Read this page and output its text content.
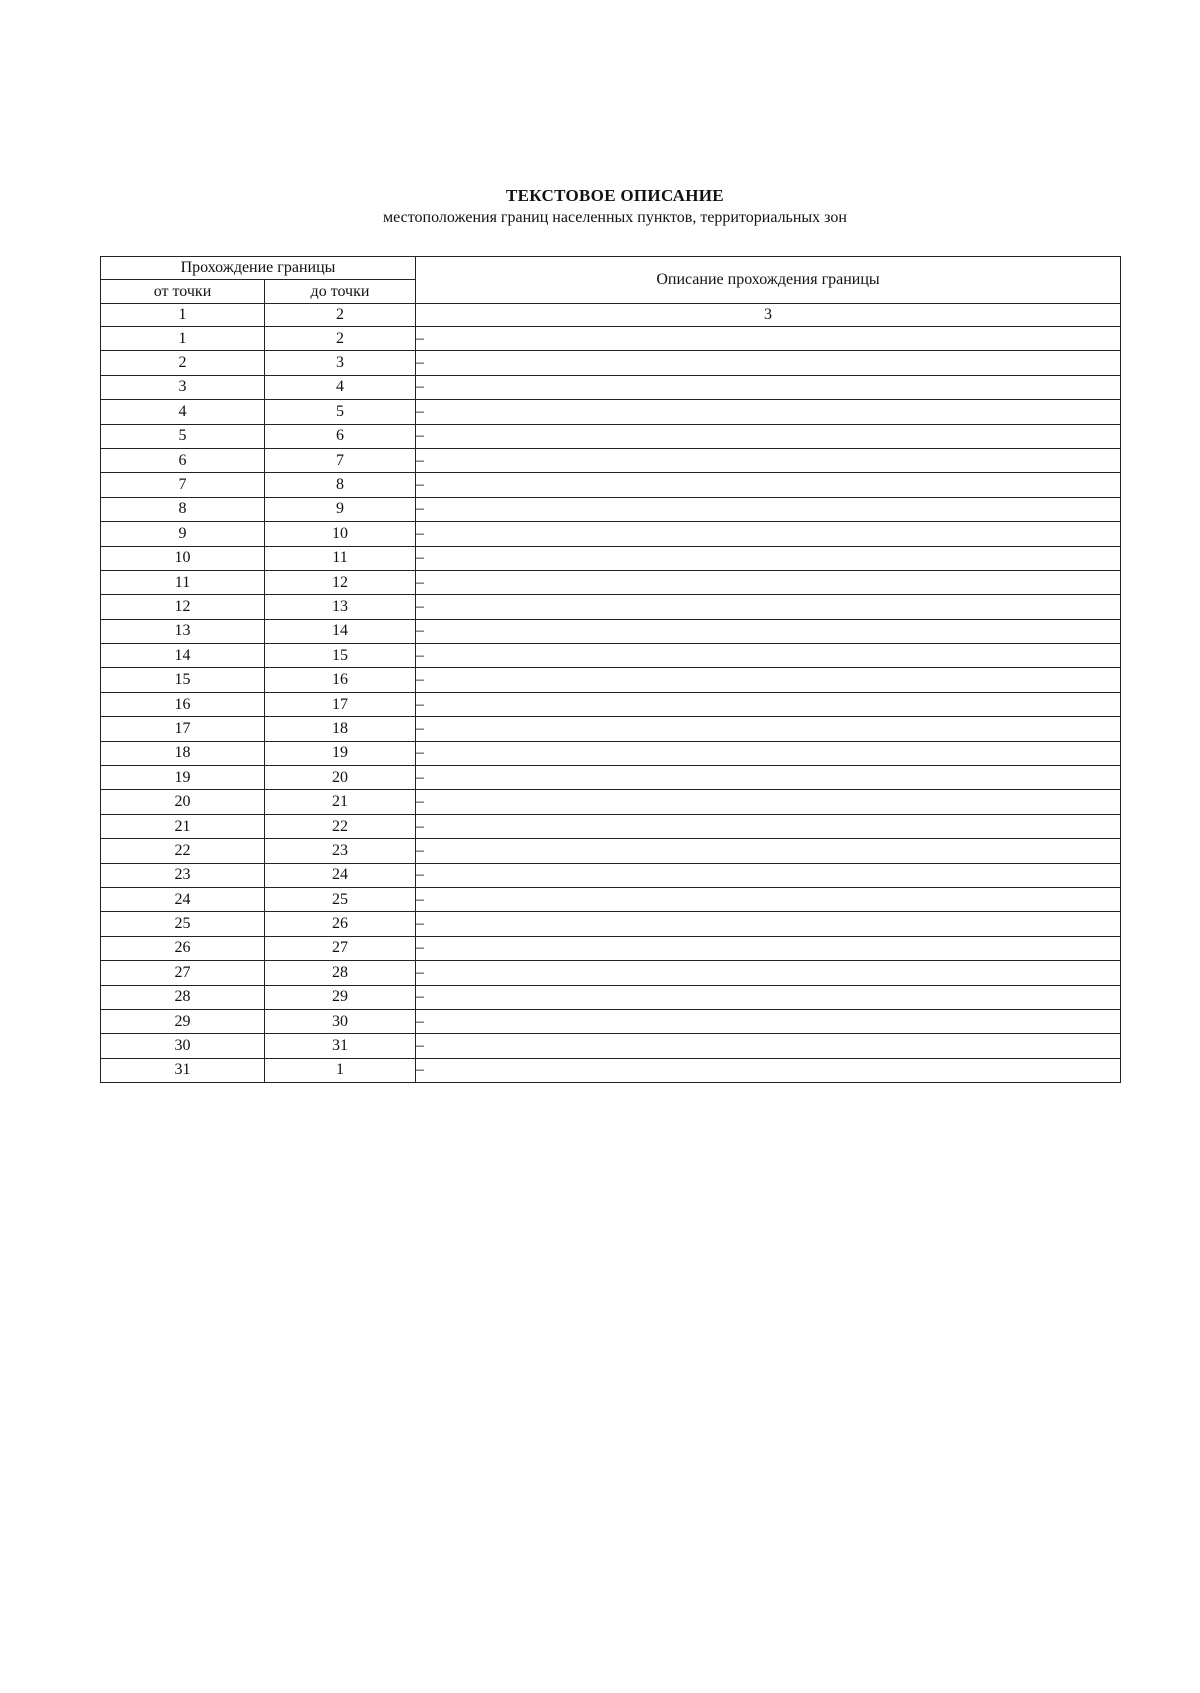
ТЕКСТОВОЕ ОПИСАНИЕ
местоположения границ населенных пунктов, территориальных зон
Прохождение границы		Описание прохождения границы
от точки	до точки	
1	2	3
1	2	–
2	3	–
3	4	–
4	5	–
5	6	–
6	7	–
7	8	–
8	9	–
9	10	–
10	11	–
11	12	–
12	13	–
13	14	–
14	15	–
15	16	–
16	17	–
17	18	–
18	19	–
19	20	–
20	21	–
21	22	–
22	23	–
23	24	–
24	25	–
25	26	–
26	27	–
27	28	–
28	29	–
29	30	–
30	31	–
31	1	–
